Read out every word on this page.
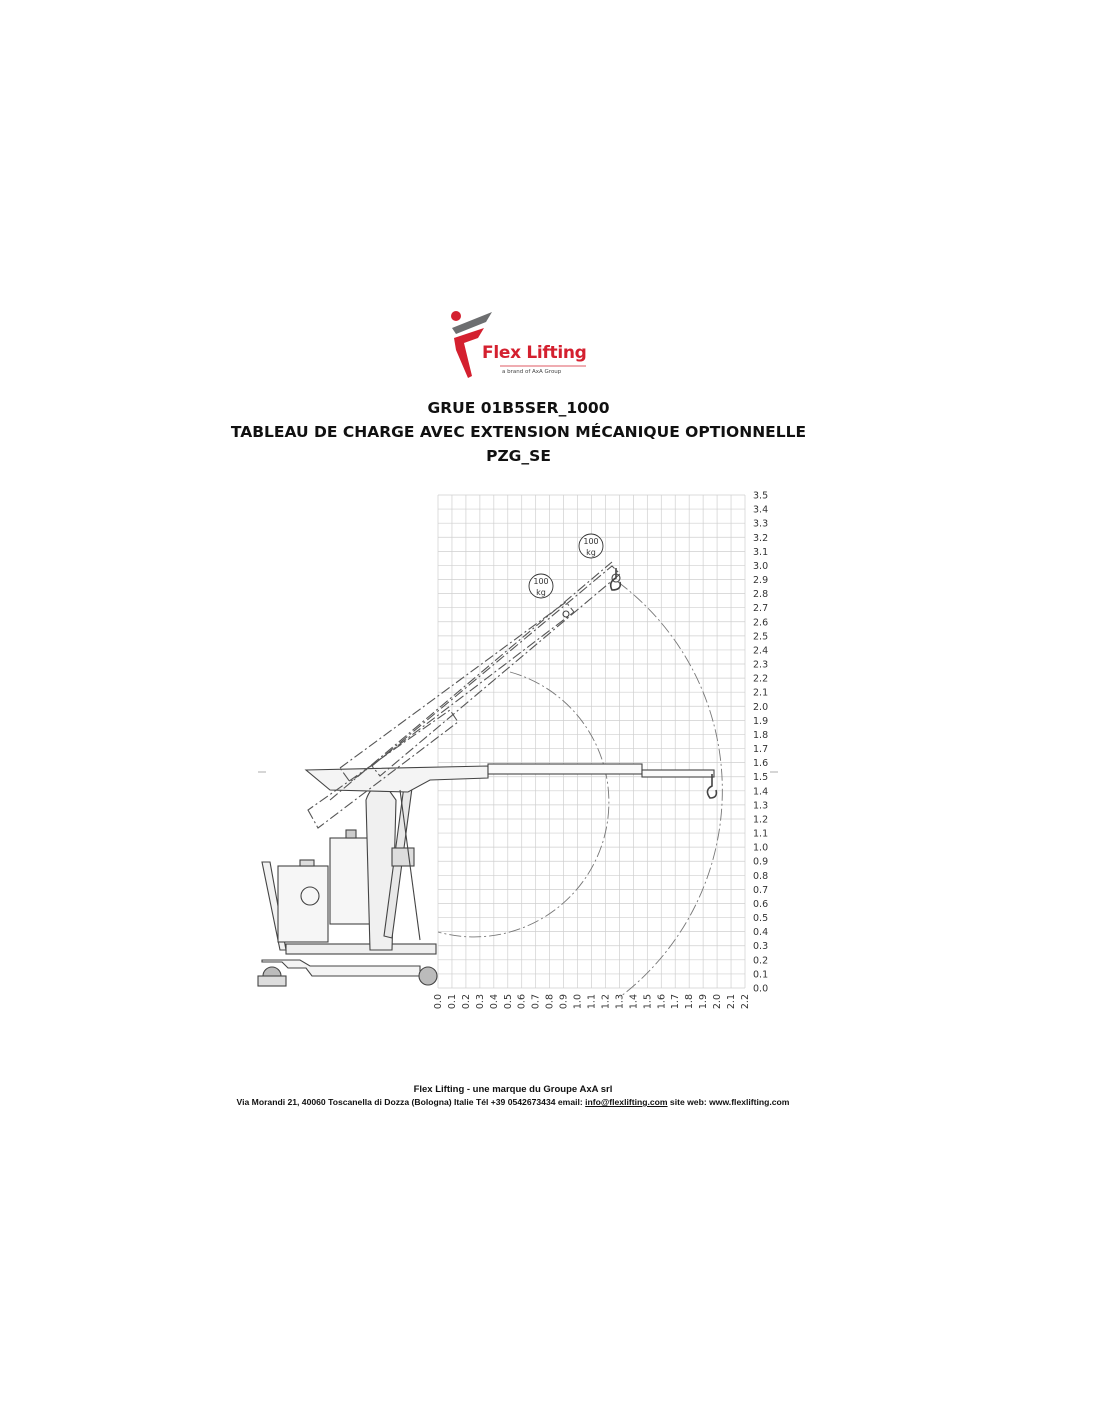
Flex Lifting
a brand of AxA Group
GRUE 01B5SER_1000
TABLEAU DE CHARGE AVEC EXTENSION MÉCANIQUE OPTIONNELLE
PZG_SE
0.0
0.1
0.2
0.3
0.4
0.5
0.6
0.7
0.8
0.9
1.0
1.1
1.2
1.3
1.4
1.5
1.6
1.7
1.8
1.9
2.0
2.1
2.2
2.3
2.4
2.5
2.6
2.7
2.8
2.9
3.0
3.1
3.2
3.3
3.4
3.5
0.0 0.1 0.2 0.3 0.4 0.5 0.6 0.7 0.8 0.9 1.0 1.1 1.2 1.3 1.4 1.5 1.6 1.7 1.8 1.9 2.0 2.1 2.2
100
kg
100
kg
Flex Lifting - une marque du Groupe AxA srl
Via Morandi 21, 40060 Toscanella di Dozza (Bologna) Italie Tél +39 0542673434 email: info@flexlifting.com site web: www.flexlifting.com
